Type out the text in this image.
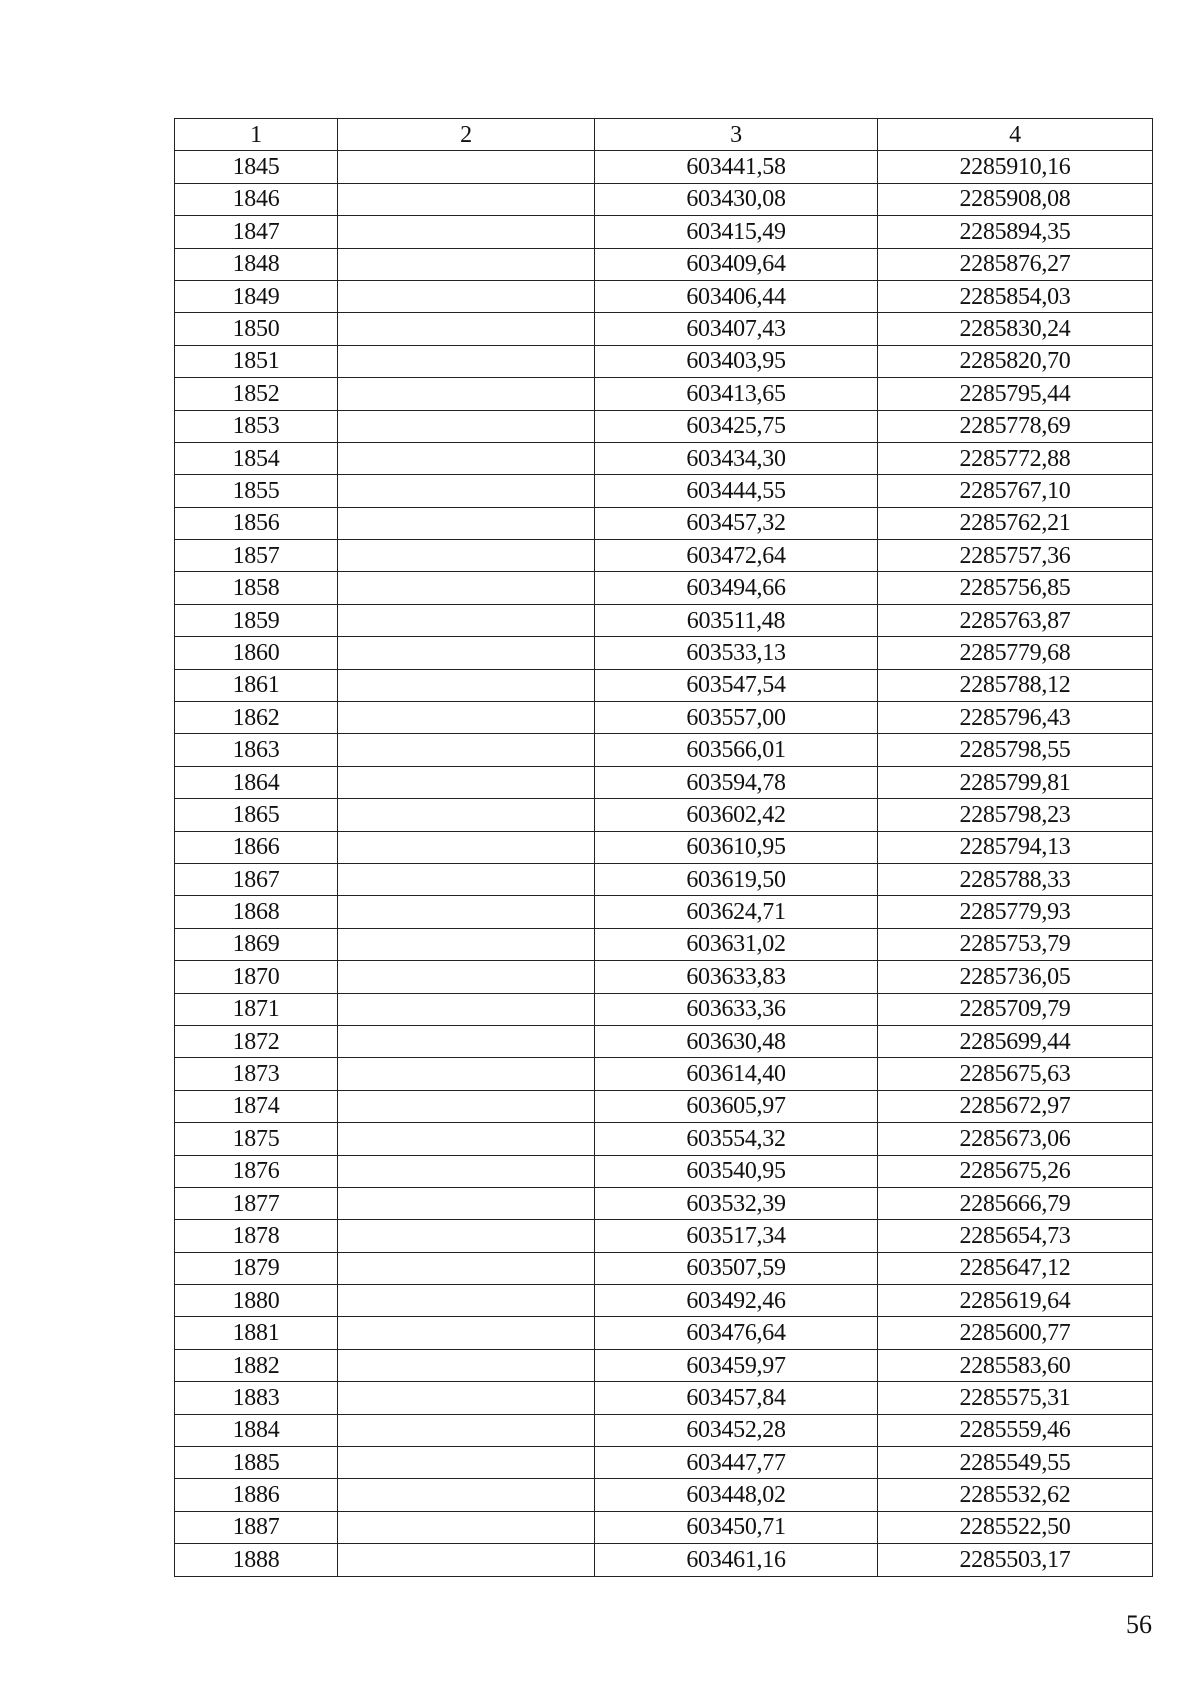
1	2	3	4
1845		603441,58	2285910,16
1846		603430,08	2285908,08
1847		603415,49	2285894,35
1848		603409,64	2285876,27
1849		603406,44	2285854,03
1850		603407,43	2285830,24
1851		603403,95	2285820,70
1852		603413,65	2285795,44
1853		603425,75	2285778,69
1854		603434,30	2285772,88
1855		603444,55	2285767,10
1856		603457,32	2285762,21
1857		603472,64	2285757,36
1858		603494,66	2285756,85
1859		603511,48	2285763,87
1860		603533,13	2285779,68
1861		603547,54	2285788,12
1862		603557,00	2285796,43
1863		603566,01	2285798,55
1864		603594,78	2285799,81
1865		603602,42	2285798,23
1866		603610,95	2285794,13
1867		603619,50	2285788,33
1868		603624,71	2285779,93
1869		603631,02	2285753,79
1870		603633,83	2285736,05
1871		603633,36	2285709,79
1872		603630,48	2285699,44
1873		603614,40	2285675,63
1874		603605,97	2285672,97
1875		603554,32	2285673,06
1876		603540,95	2285675,26
1877		603532,39	2285666,79
1878		603517,34	2285654,73
1879		603507,59	2285647,12
1880		603492,46	2285619,64
1881		603476,64	2285600,77
1882		603459,97	2285583,60
1883		603457,84	2285575,31
1884		603452,28	2285559,46
1885		603447,77	2285549,55
1886		603448,02	2285532,62
1887		603450,71	2285522,50
1888		603461,16	2285503,17
56
